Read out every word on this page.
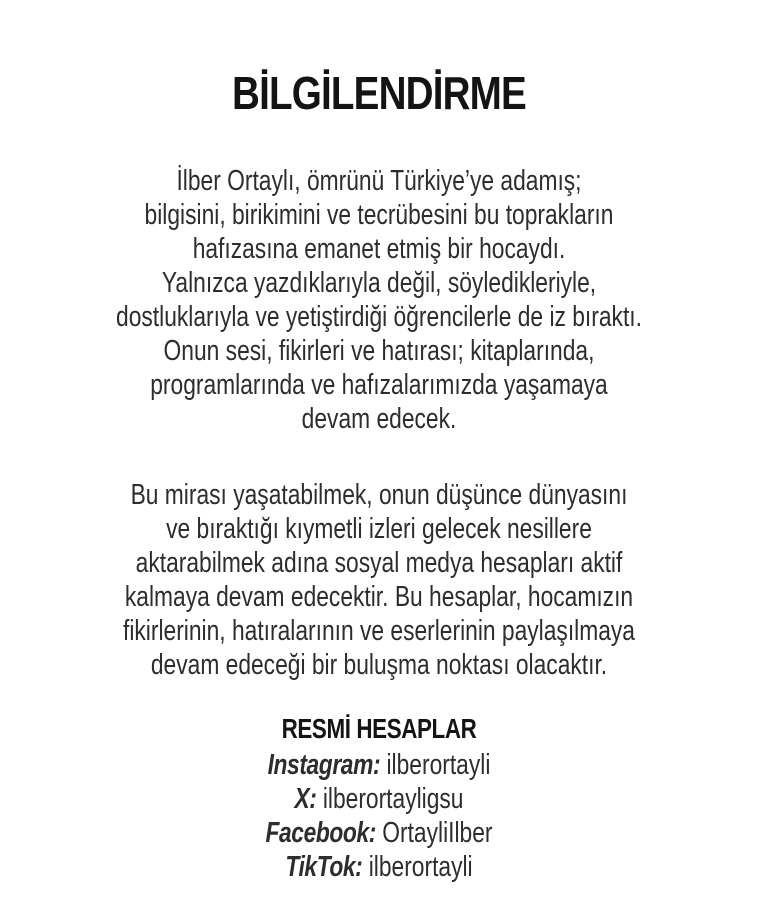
BİLGİLENDİRME
İlber Ortaylı, ömrünü Türkiye’ye adamış;
bilgisini, birikimini ve tecrübesini bu toprakların
hafızasına emanet etmiş bir hocaydı.
Yalnızca yazdıklarıyla değil, söyledikleriyle,
dostluklarıyla ve yetiştirdiği öğrencilerle de iz bıraktı.
Onun sesi, fikirleri ve hatırası; kitaplarında,
programlarında ve hafızalarımızda yaşamaya
devam edecek.
Bu mirası yaşatabilmek, onun düşünce dünyasını
ve bıraktığı kıymetli izleri gelecek nesillere
aktarabilmek adına sosyal medya hesapları aktif
kalmaya devam edecektir. Bu hesaplar, hocamızın
fikirlerinin, hatıralarının ve eserlerinin paylaşılmaya
devam edeceği bir buluşma noktası olacaktır.
RESMİ HESAPLAR
Instagram: ilberortayli
X: ilberortayligsu
Facebook: OrtayliIlber
TikTok: ilberortayli
